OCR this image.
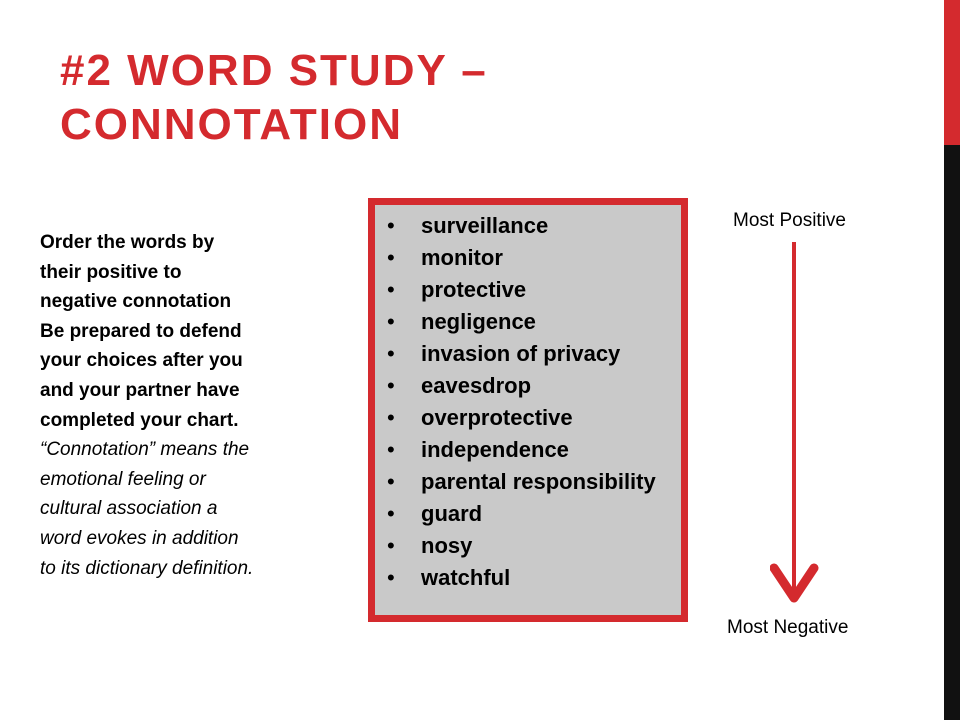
#2 WORD STUDY –
CONNOTATION
Order the words by
their positive to
negative connotation
Be prepared to defend
your choices after you
and your partner have
completed your chart.
“Connotation” means the
emotional feeling or
cultural association a
word evokes in addition
to its dictionary definition.
• surveillance
• monitor
• protective
• negligence
• invasion of privacy
• eavesdrop
• overprotective
• independence
• parental responsibility
• guard
• nosy
• watchful
Most Positive
Most Negative
